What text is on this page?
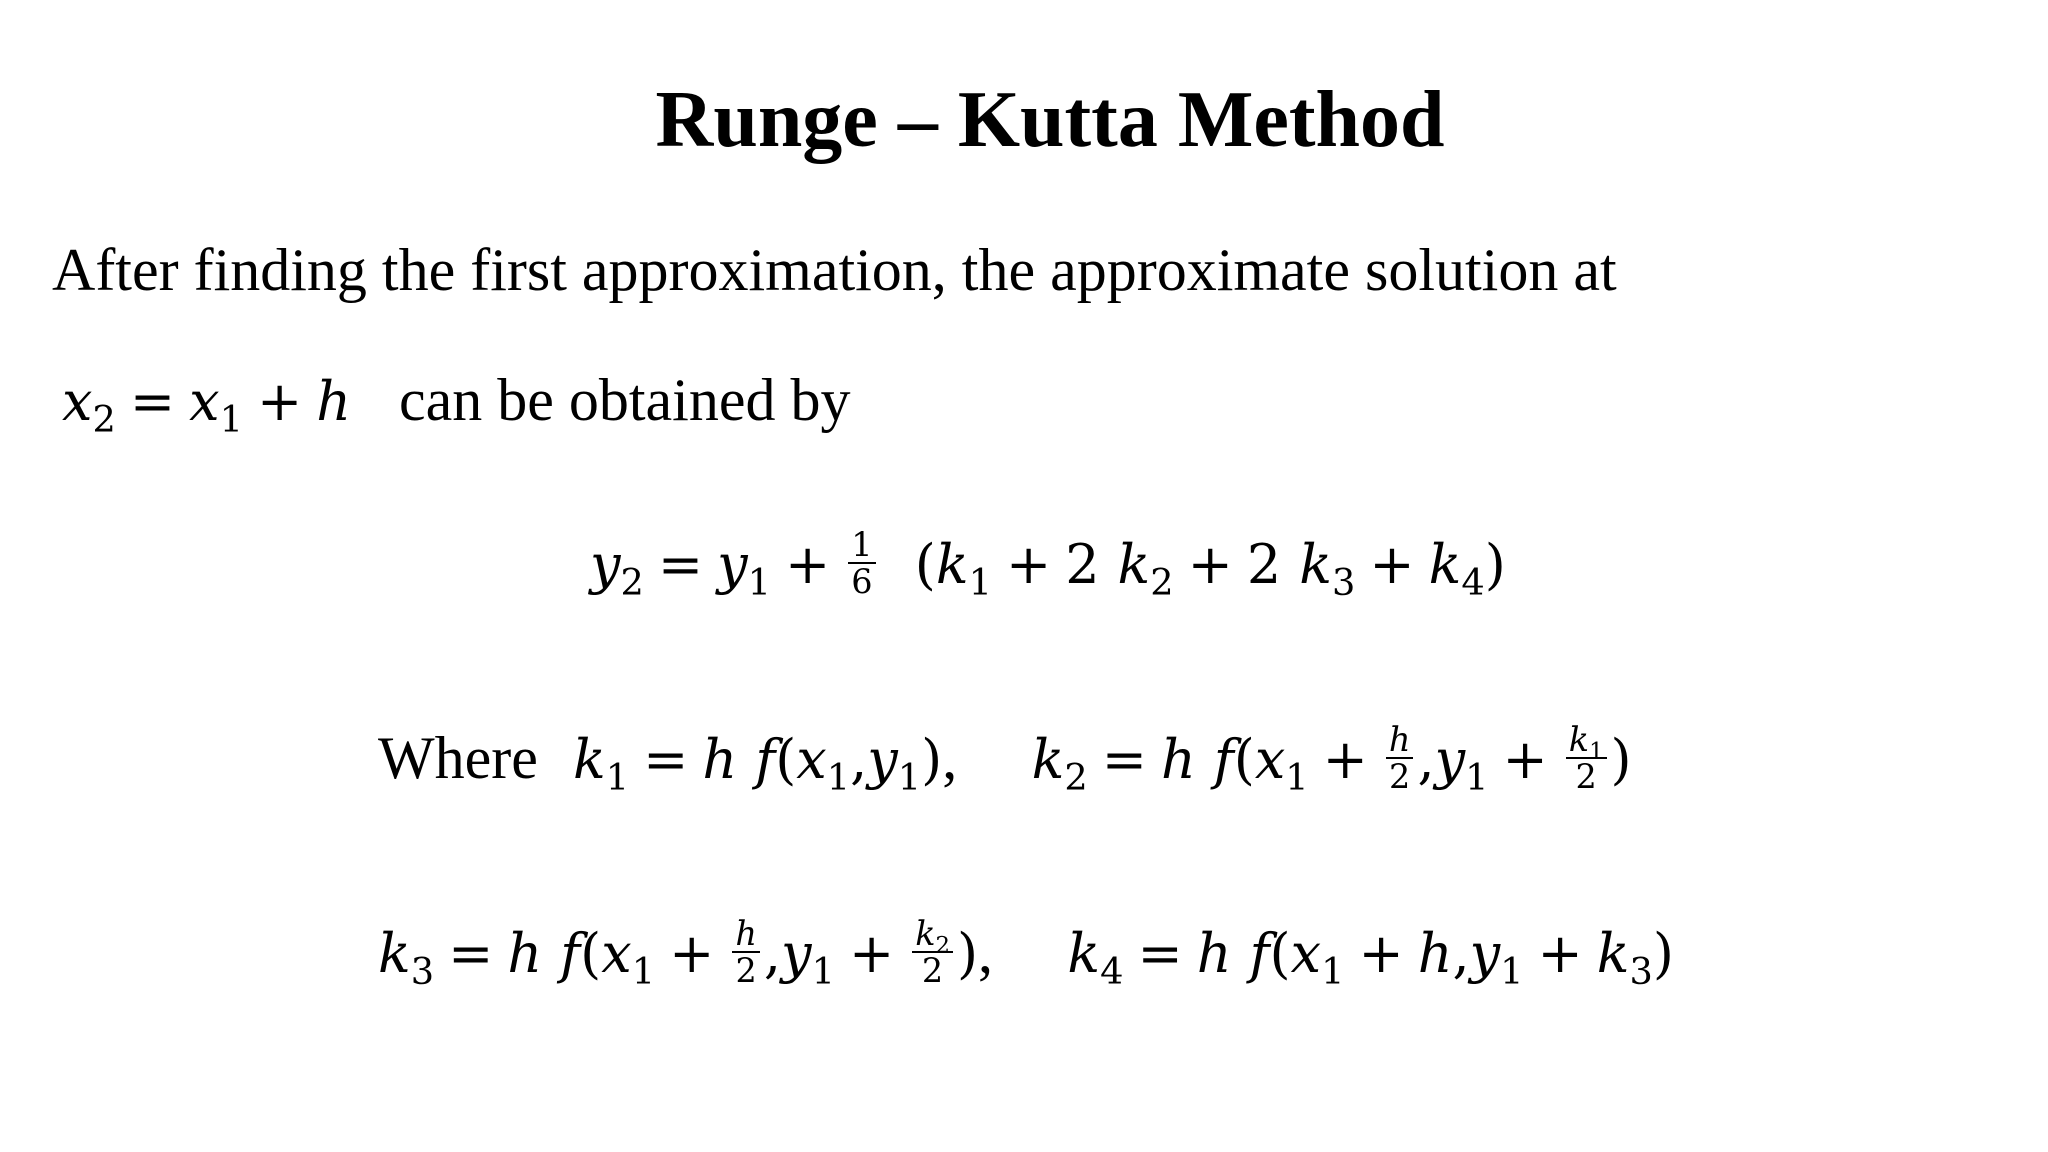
Runge – Kutta Method
After finding the first approximation, the approximate solution at
$x_2 = x_1 + h$ can be obtained by
$y_2 = y_1 + \frac{1}{6} (k_1 + 2$ $k_2 + 2$ $k_3 + k_4$)
Where $k_1 = h$ $f(x_1,y_1)$, $k_2 = h$ $f(x_1 + \frac{h}{2} ,y_1 + \frac{k_1}{2}$ )
$k_3 = h$ $f(x_1 + \frac{h}{2} ,y_1 + \frac{k_2}{2}$ ), $k_4 = h$ $f(x_1 + h,y_1 + k_3)$
